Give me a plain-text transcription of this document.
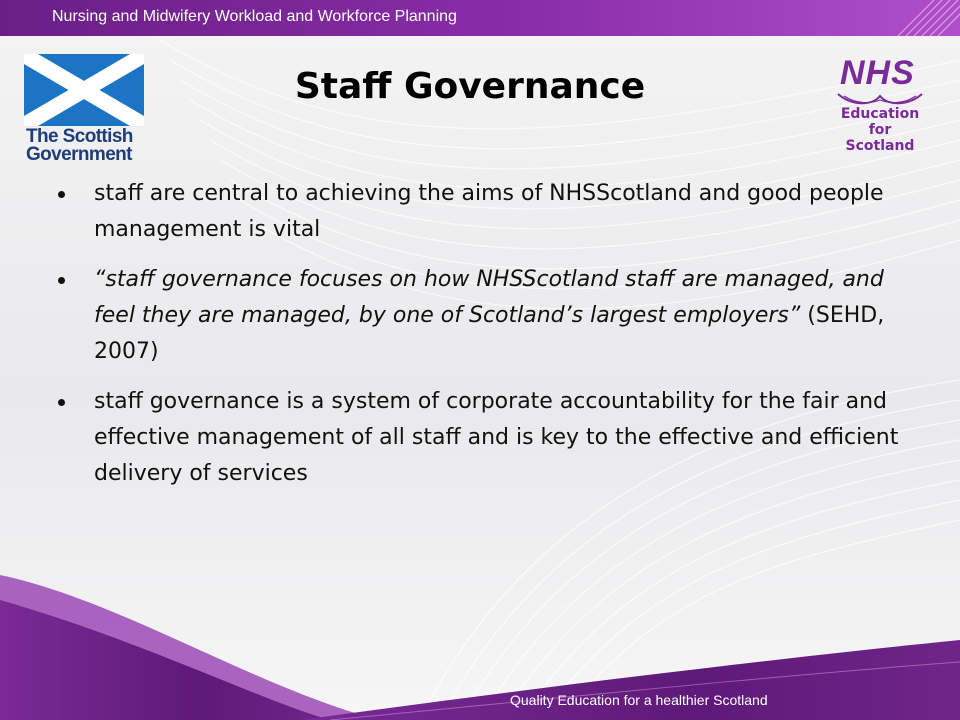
Nursing and Midwifery Workload and Workforce Planning
The Scottish
Government
NHS
Education
for
Scotland
Staff Governance
staff are central to achieving the aims of NHSScotland and good people management is vital
“staff governance focuses on how NHSScotland staff are managed, and feel they are managed, by one of Scotland’s largest employers” (SEHD, 2007)
staff governance is a system of corporate accountability for the fair and effective management of all staff and is key to the effective and efficient delivery of services
Quality Education for a healthier Scotland
